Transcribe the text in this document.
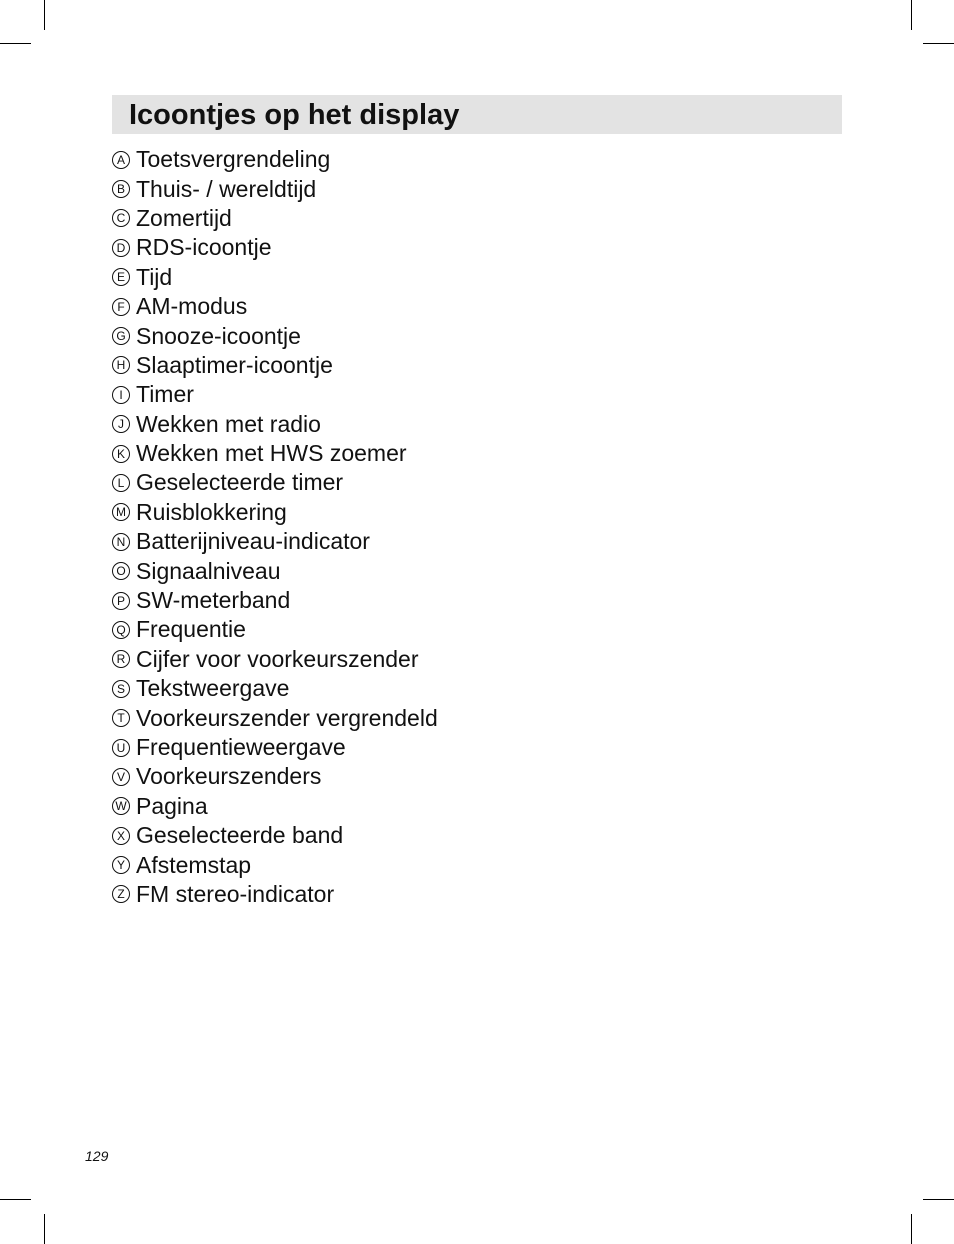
Icoontjes op het display
A Toetsvergrendeling
B Thuis- / wereldtijd
C Zomertijd
D RDS-icoontje
E Tijd
F AM-modus
G Snooze-icoontje
H Slaaptimer-icoontje
I Timer
J Wekken met radio
K Wekken met HWS zoemer
L Geselecteerde timer
M Ruisblokkering
N Batterijniveau-indicator
O Signaalniveau
P SW-meterband
Q Frequentie
R Cijfer voor voorkeurszender
S Tekstweergave
T Voorkeurszender vergrendeld
U Frequentieweergave
V Voorkeurszenders
W Pagina
X Geselecteerde band
Y Afstemstap
Z FM stereo-indicator
129
